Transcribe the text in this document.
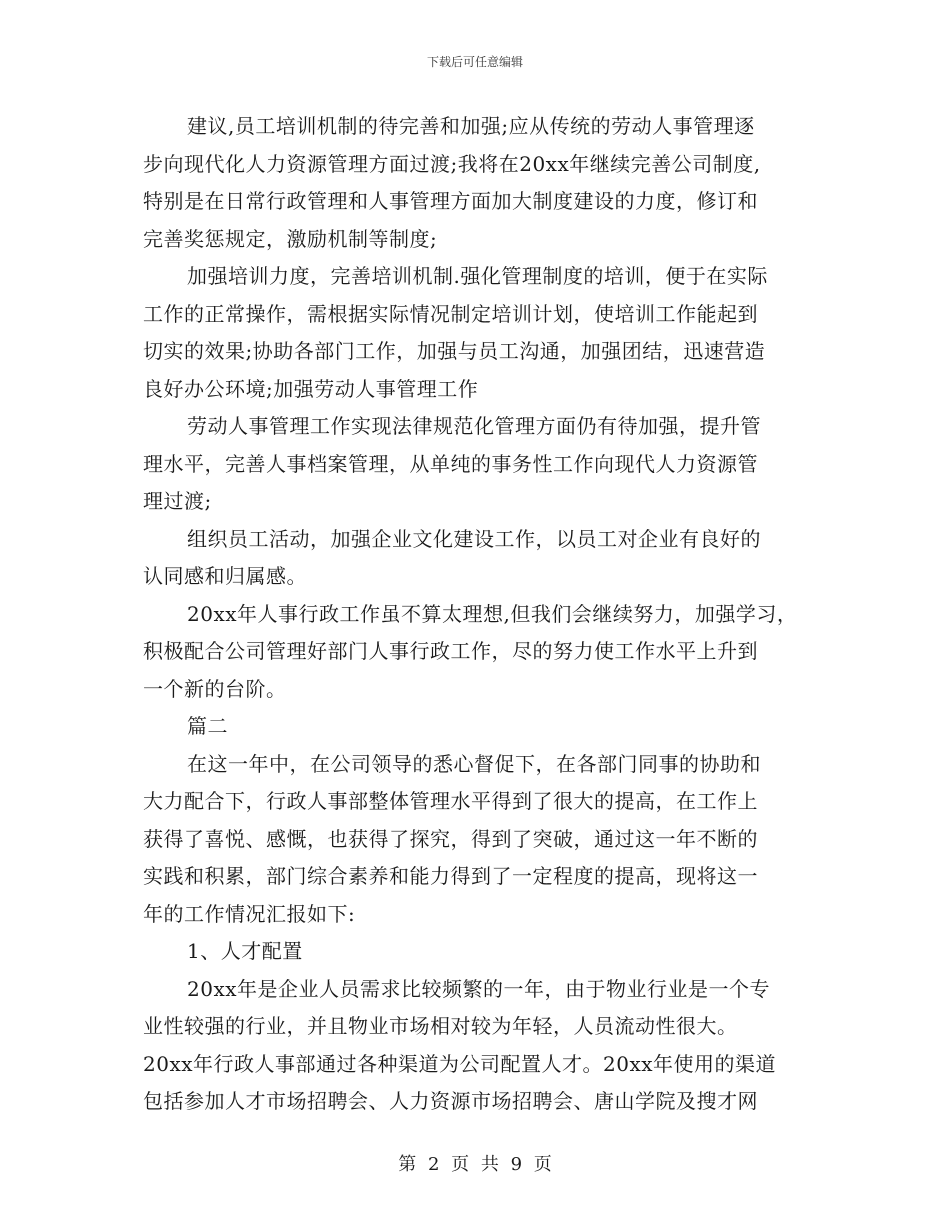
下载后可任意编辑
建议,员工培训机制的待完善和加强;应从传统的劳动人事管理逐
步向现代化人力资源管理方面过渡;我将在20xx年继续完善公司制度,
特别是在日常行政管理和人事管理方面加大制度建设的力度，修订和
完善奖惩规定，激励机制等制度;
加强培训力度，完善培训机制.强化管理制度的培训，便于在实际
工作的正常操作，需根据实际情况制定培训计划，使培训工作能起到
切实的效果;协助各部门工作，加强与员工沟通，加强团结，迅速营造
良好办公环境;加强劳动人事管理工作
劳动人事管理工作实现法律规范化管理方面仍有待加强，提升管
理水平，完善人事档案管理，从单纯的事务性工作向现代人力资源管
理过渡;
组织员工活动，加强企业文化建设工作，以员工对企业有良好的
认同感和归属感。
20xx年人事行政工作虽不算太理想,但我们会继续努力，加强学习，
积极配合公司管理好部门人事行政工作，尽的努力使工作水平上升到
一个新的台阶。
篇二
在这一年中，在公司领导的悉心督促下，在各部门同事的协助和
大力配合下，行政人事部整体管理水平得到了很大的提高，在工作上
获得了喜悦、感慨，也获得了探究，得到了突破，通过这一年不断的
实践和积累，部门综合素养和能力得到了一定程度的提高，现将这一
年的工作情况汇报如下:
1、人才配置
20xx年是企业人员需求比较频繁的一年，由于物业行业是一个专
业性较强的行业，并且物业市场相对较为年轻，人员流动性很大。
20xx年行政人事部通过各种渠道为公司配置人才。20xx年使用的渠道
包括参加人才市场招聘会、人力资源市场招聘会、唐山学院及搜才网
第 2 页 共 9 页
